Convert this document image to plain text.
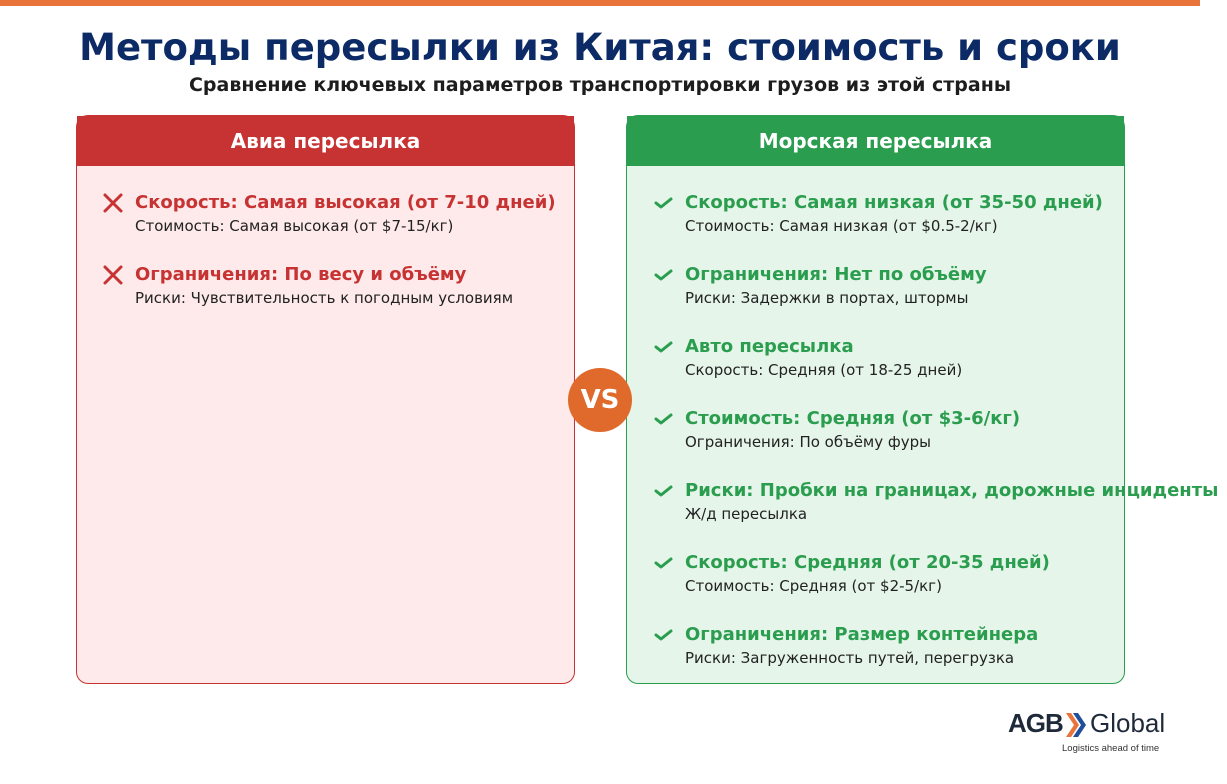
Методы пересылки из Китая: стоимость и сроки
Сравнение ключевых параметров транспортировки грузов из этой страны
Авиа пересылка
Скорость: Самая высокая (от 7-10 дней)
Стоимость: Самая высокая (от $7-15/кг)
Ограничения: По весу и объёму
Риски: Чувствительность к погодным условиям
Морская пересылка
Скорость: Самая низкая (от 35-50 дней)
Стоимость: Самая низкая (от $0.5-2/кг)
Ограничения: Нет по объёму
Риски: Задержки в портах, штормы
Авто пересылка
Скорость: Средняя (от 18-25 дней)
Стоимость: Средняя (от $3-6/кг)
Ограничения: По объёму фуры
Риски: Пробки на границах, дорожные инциденты
Ж/д пересылка
Скорость: Средняя (от 20-35 дней)
Стоимость: Средняя (от $2-5/кг)
Ограничения: Размер контейнера
Риски: Загруженность путей, перегрузка
VS
AGB Global
Logistics ahead of time
